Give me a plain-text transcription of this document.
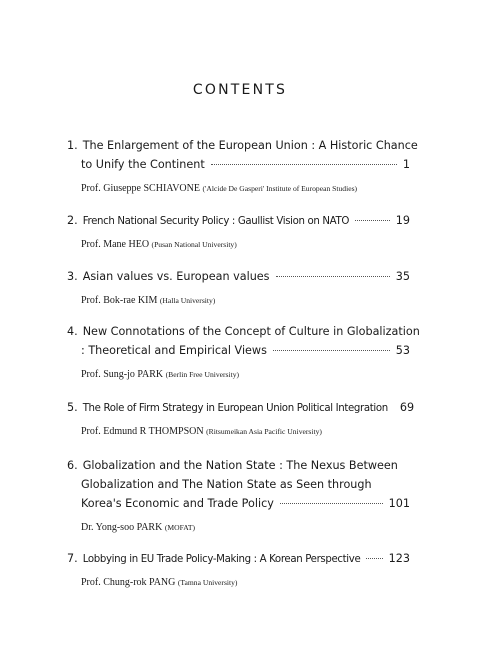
CONTENTS
1. The Enlargement of the European Union : A Historic Chance
to Unify the Continent	1
Prof. Giuseppe SCHIAVONE ('Alcide De Gasperi' Institute of European Studies)
2. French National Security Policy : Gaullist Vision on NATO	19
Prof. Mane HEO (Pusan National University)
3. Asian values vs. European values	35
Prof. Bok-rae KIM (Halla University)
4. New Connotations of the Concept of Culture in Globalization
: Theoretical and Empirical Views	53
Prof. Sung-jo PARK (Berlin Free University)
5. The Role of Firm Strategy in European Union Political Integration 69
Prof. Edmund R THOMPSON (Ritsumeikan Asia Pacific University)
6. Globalization and the Nation State : The Nexus Between
Globalization and The Nation State as Seen through
Korea's Economic and Trade Policy	101
Dr. Yong-soo PARK (MOFAT)
7. Lobbying in EU Trade Policy-Making : A Korean Perspective	123
Prof. Chung-rok PANG (Tamna University)
